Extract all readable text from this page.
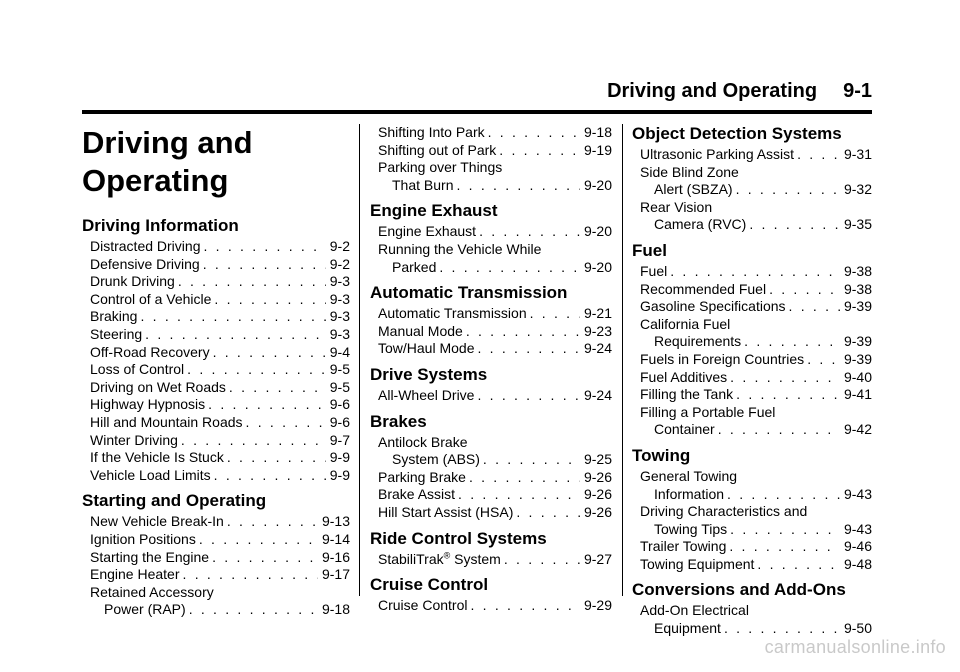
Driving and Operating 9-1
Driving and
Operating
Driving Information
Distracted Driving . . .	9-2
Defensive Driving . . .	9-2
Drunk Driving . . .	9-3
Control of a Vehicle . . .	9-3
Braking . . .	9-3
Steering . . .	9-3
Off-Road Recovery . . .	9-4
Loss of Control . . .	9-5
Driving on Wet Roads . . .	9-5
Highway Hypnosis . . .	9-6
Hill and Mountain Roads . . .	9-6
Winter Driving . . .	9-7
If the Vehicle Is Stuck . . .	9-9
Vehicle Load Limits . . .	9-9
Starting and Operating
New Vehicle Break-In . . .	9-13
Ignition Positions . . .	9-14
Starting the Engine . . .	9-16
Engine Heater . . .	9-17
Retained Accessory
Power (RAP) . . .	9-18
Shifting Into Park . . .	9-18
Shifting out of Park . . .	9-19
Parking over Things
That Burn . . .	9-20
Engine Exhaust
Engine Exhaust . . .	9-20
Running the Vehicle While
Parked . . .	9-20
Automatic Transmission
Automatic Transmission . . .	9-21
Manual Mode . . .	9-23
Tow/Haul Mode . . .	9-24
Drive Systems
All-Wheel Drive . . .	9-24
Brakes
Antilock Brake
System (ABS) . . .	9-25
Parking Brake . . .	9-26
Brake Assist . . .	9-26
Hill Start Assist (HSA) . . .	9-26
Ride Control Systems
StabiliTrak® System . . .	9-27
Cruise Control
Cruise Control . . .	9-29
Object Detection Systems
Ultrasonic Parking Assist . . .	9-31
Side Blind Zone
Alert (SBZA) . . .	9-32
Rear Vision
Camera (RVC) . . .	9-35
Fuel
Fuel . . .	9-38
Recommended Fuel . . .	9-38
Gasoline Specifications . . .	9-39
California Fuel
Requirements . . .	9-39
Fuels in Foreign Countries . . .	9-39
Fuel Additives . . .	9-40
Filling the Tank . . .	9-41
Filling a Portable Fuel
Container . . .	9-42
Towing
General Towing
Information . . .	9-43
Driving Characteristics and
Towing Tips . . .	9-43
Trailer Towing . . .	9-46
Towing Equipment . . .	9-48
Conversions and Add-Ons
Add-On Electrical
Equipment . . .	9-50
carmanualsonline.info
